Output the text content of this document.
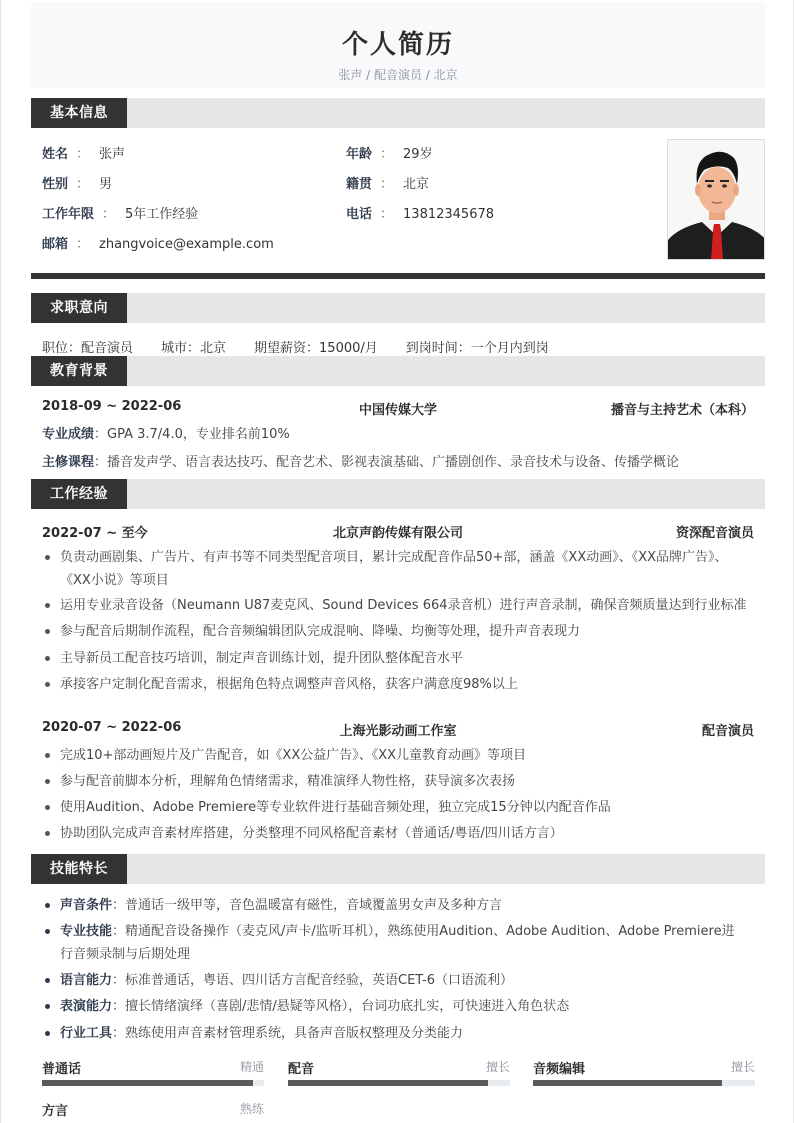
个人简历
张声 / 配音演员 / 北京
基本信息
姓名 ： 张声
性别 ： 男
工作年限 ： 5年工作经验
邮箱 ： zhangvoice@example.com
年龄 ： 29岁
籍贯 ： 北京
电话 ： 13812345678
求职意向
职位：配音演员 城市：北京 期望薪资：15000/月 到岗时间：一个月内到岗
教育背景
2018-09 ~ 2022-06	中国传媒大学	播音与主持艺术（本科）
专业成绩：GPA 3.7/4.0，专业排名前10%
主修课程：播音发声学、语言表达技巧、配音艺术、影视表演基础、广播剧创作、录音技术与设备、传播学概论
工作经验
2022-07 ~ 至今	北京声韵传媒有限公司	资深配音演员
负责动画剧集、广告片、有声书等不同类型配音项目，累计完成配音作品50+部，涵盖《XX动画》、《XX品牌广告》、《XX小说》等项目
运用专业录音设备（Neumann U87麦克风、Sound Devices 664录音机）进行声音录制，确保音频质量达到行业标准
参与配音后期制作流程，配合音频编辑团队完成混响、降噪、均衡等处理，提升声音表现力
主导新员工配音技巧培训，制定声音训练计划，提升团队整体配音水平
承接客户定制化配音需求，根据角色特点调整声音风格，获客户满意度98%以上
2020-07 ~ 2022-06	上海光影动画工作室	配音演员
完成10+部动画短片及广告配音，如《XX公益广告》、《XX儿童教育动画》等项目
参与配音前脚本分析，理解角色情绪需求，精准演绎人物性格，获导演多次表扬
使用Audition、Adobe Premiere等专业软件进行基础音频处理，独立完成15分钟以内配音作品
协助团队完成声音素材库搭建，分类整理不同风格配音素材（普通话/粤语/四川话方言）
技能特长
声音条件：普通话一级甲等，音色温暖富有磁性，音域覆盖男女声及多种方言
专业技能：精通配音设备操作（麦克风/声卡/监听耳机），熟练使用Audition、Adobe Audition、Adobe Premiere进行音频录制与后期处理
语言能力：标准普通话，粤语、四川话方言配音经验，英语CET-6（口语流利）
表演能力：擅长情绪演绎（喜剧/悲情/悬疑等风格），台词功底扎实，可快速进入角色状态
行业工具：熟练使用声音素材管理系统，具备声音版权整理及分类能力
普通话	精通 配音	擅长 音频编辑	擅长
方言	熟练
